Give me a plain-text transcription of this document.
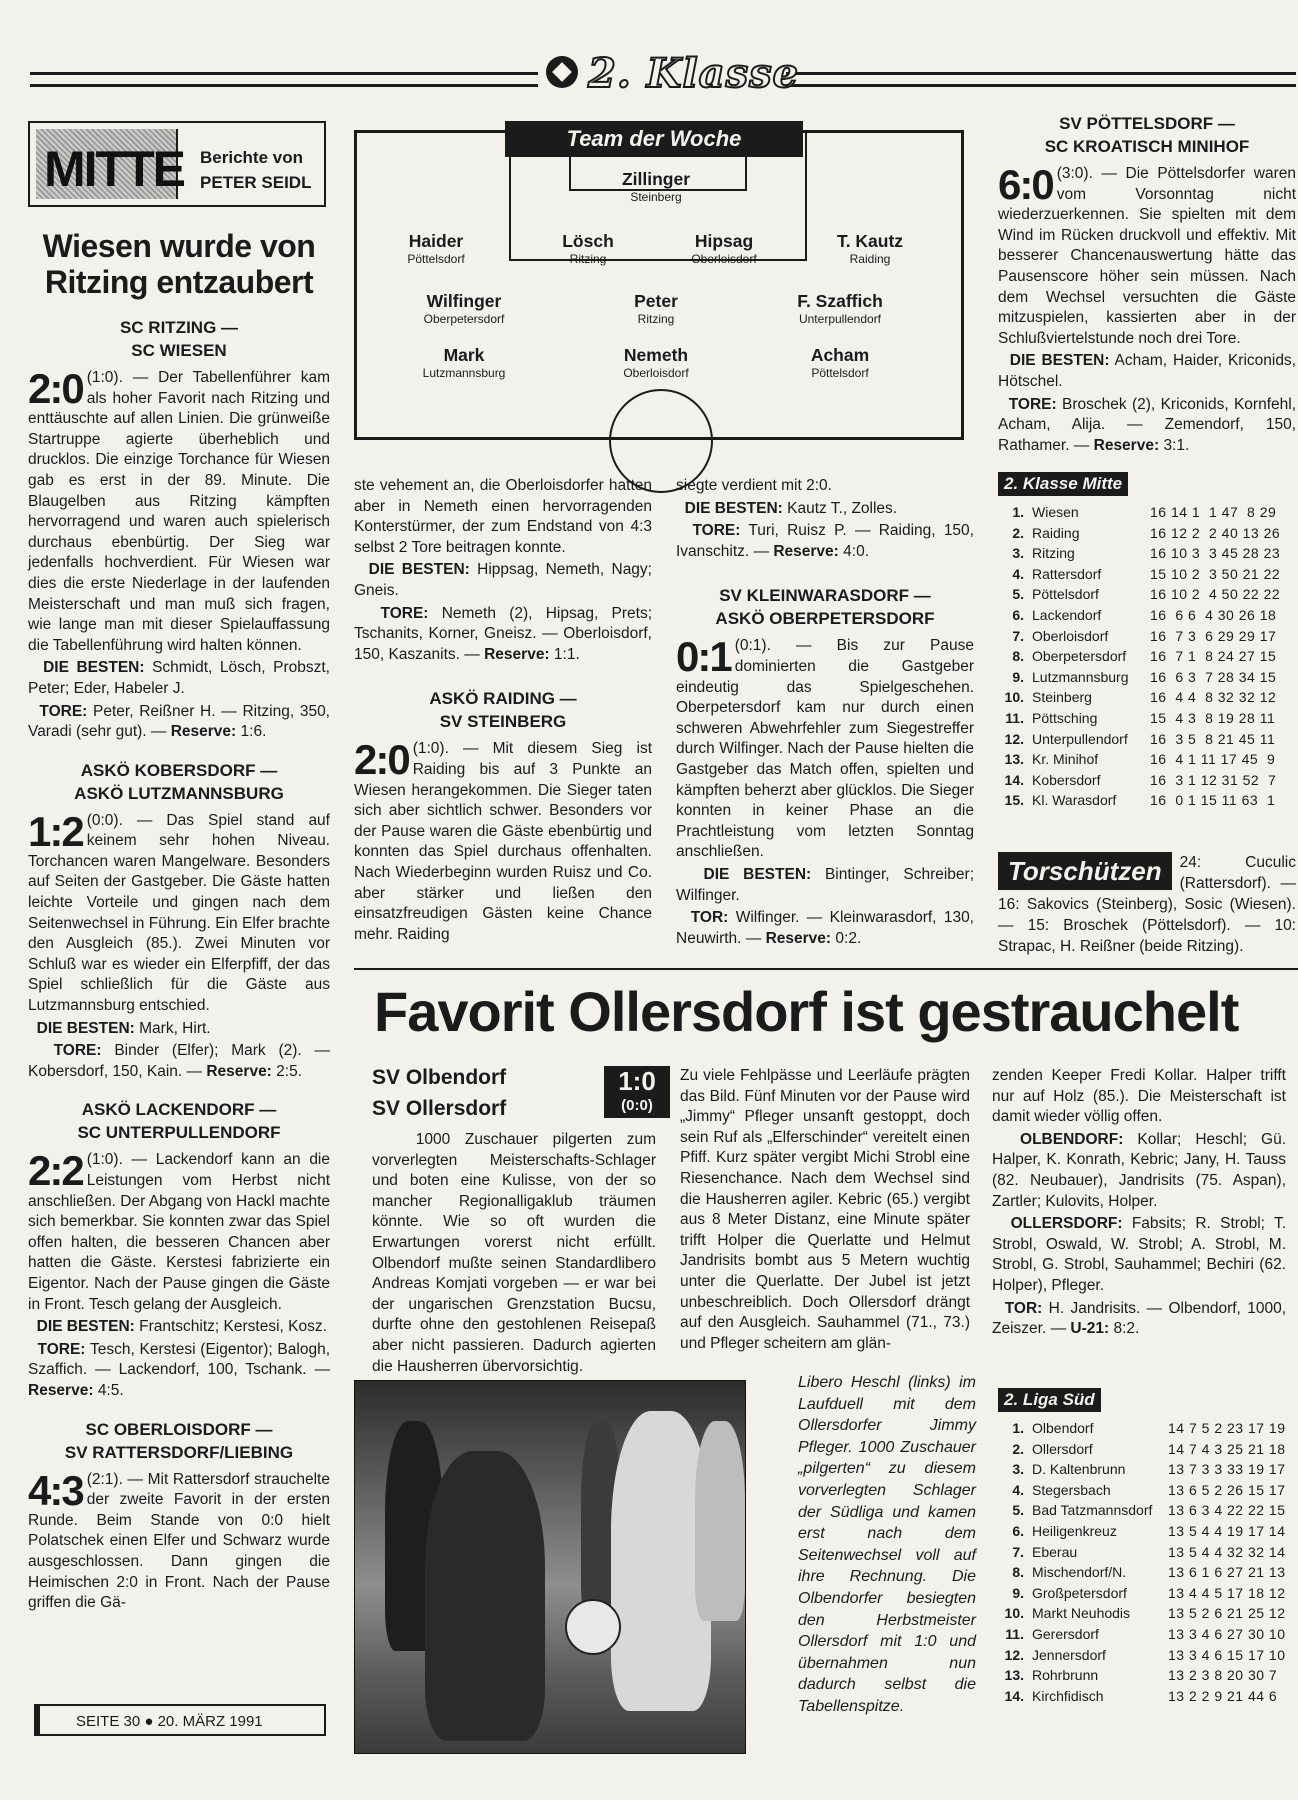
2. Klasse
MITTE Berichte von
PETER SEIDL
Wiesen wurde von Ritzing entzaubert
SC RITZING —
SC WIESEN

2:0 (1:0). — Der Tabellenführer kam als hoher Favorit nach Ritzing und enttäuschte auf allen Linien. Die grünweiße Startruppe agierte überheblich und drucklos. Die einzige Torchance für Wiesen gab es erst in der 89. Minute. Die Blaugelben aus Ritzing kämpften hervorragend und waren auch spielerisch durchaus ebenbürtig. Der Sieg war jedenfalls hochverdient. Für Wiesen war dies die erste Niederlage in der laufenden Meisterschaft und man muß sich fragen, wie lange man mit dieser Spielauffassung die Tabellenführung wird halten können.

DIE BESTEN: Schmidt, Lösch, Probszt, Peter; Eder, Habeler J.

TORE: Peter, Reißner H. — Ritzing, 350, Varadi (sehr gut). — Reserve: 1:6.

ASKÖ KOBERSDORF —
ASKÖ LUTZMANNSBURG

1:2 (0:0). — Das Spiel stand auf keinem sehr hohen Niveau. Torchancen waren Mangelware. Besonders auf Seiten der Gastgeber. Die Gäste hatten leichte Vorteile und gingen nach dem Seitenwechsel in Führung. Ein Elfer brachte den Ausgleich (85.). Zwei Minuten vor Schluß war es wieder ein Elferpfiff, der das Spiel schließlich für die Gäste aus Lutzmannsburg entschied.

DIE BESTEN: Mark, Hirt.

TORE: Binder (Elfer); Mark (2). — Kobersdorf, 150, Kain. — Reserve: 2:5.

ASKÖ LACKENDORF —
SC UNTERPULLENDORF

2:2 (1:0). — Lackendorf kann an die Leistungen vom Herbst nicht anschließen. Der Abgang von Hackl machte sich bemerkbar. Sie konnten zwar das Spiel offen halten, die besseren Chancen aber hatten die Gäste. Kerstesi fabrizierte ein Eigentor. Nach der Pause gingen die Gäste in Front. Tesch gelang der Ausgleich.

DIE BESTEN: Frantschitz; Kerstesi, Kosz.

TORE: Tesch, Kerstesi (Eigentor); Balogh, Szaffich. — Lackendorf, 100, Tschank. — Reserve: 4:5.

SC OBERLOISDORF —
SV RATTERSDORF/LIEBING

4:3 (2:1). — Mit Rattersdorf strauchelte der zweite Favorit in der ersten Runde. Beim Stande von 0:0 hielt Polatschek einen Elfer und Schwarz wurde ausgeschlossen. Dann gingen die Heimischen 2:0 in Front. Nach der Pause griffen die Gä-

Team der Woche
Zillinger
Steinberg
Haider
Pöttelsdorf
Lösch
Ritzing
Hipsag
Oberloisdorf
T. Kautz
Raiding
Wilfinger
Oberpetersdorf
Peter
Ritzing
F. Szaffich
Unterpullendorf
Mark
Lutzmannsburg
Nemeth
Oberloisdorf
Acham
Pöttelsdorf

ste vehement an, die Oberloisdorfer hatten aber in Nemeth einen hervorragenden Konterstürmer, der zum Endstand von 4:3 selbst 2 Tore beitragen konnte.

DIE BESTEN: Hippsag, Nemeth, Nagy; Gneis.

TORE: Nemeth (2), Hipsag, Prets; Tschanits, Korner, Gneisz. — Oberloisdorf, 150, Kaszanits. — Reserve: 1:1.

ASKÖ RAIDING —
SV STEINBERG

2:0 (1:0). — Mit diesem Sieg ist Raiding bis auf 3 Punkte an Wiesen herangekommen. Die Sieger taten sich aber sichtlich schwer. Besonders vor der Pause waren die Gäste ebenbürtig und konnten das Spiel durchaus offenhalten. Nach Wiederbeginn wurden Ruisz und Co. aber stärker und ließen den einsatzfreudigen Gästen keine Chance mehr. Raiding

siegte verdient mit 2:0.

DIE BESTEN: Kautz T., Zolles.

TORE: Turi, Ruisz P. — Raiding, 150, Ivanschitz. — Reserve: 4:0.

SV KLEINWARASDORF —
ASKÖ OBERPETERSDORF

0:1 (0:1). — Bis zur Pause dominierten die Gastgeber eindeutig das Spielgeschehen. Oberpetersdorf kam nur durch einen schweren Abwehrfehler zum Siegestreffer durch Wilfinger. Nach der Pause hielten die Gastgeber das Match offen, spielten und kämpften beherzt aber glücklos. Die Sieger konnten in keiner Phase an die Prachtleistung vom letzten Sonntag anschließen.

DIE BESTEN: Bintinger, Schreiber; Wilfinger.

TOR: Wilfinger. — Kleinwarasdorf, 130, Neuwirth. — Reserve: 0:2.

SV PÖTTELSDORF —
SC KROATISCH MINIHOF

6:0 (3:0). — Die Pöttelsdorfer waren vom Vorsonntag nicht wiederzuerkennen. Sie spielten mit dem Wind im Rücken druckvoll und effektiv. Mit besserer Chancenauswertung hätte das Pausenscore höher sein müssen. Nach dem Wechsel versuchten die Gäste mitzuspielen, kassierten aber in der Schlußviertelstunde noch drei Tore.

DIE BESTEN: Acham, Haider, Kriconids, Hötschel.

TORE: Broschek (2), Kriconids, Kornfehl, Acham, Alija. — Zemendorf, 150, Rathamer. — Reserve: 3:1.

2. Klasse Mitte
1. Wiesen	16 14 1  1 47  8 29
2. Raiding	16 12 2  2 40 13 26
3. Ritzing	16 10 3  3 45 28 23
4. Rattersdorf	15 10 2  3 50 21 22
5. Pöttelsdorf	16 10 2  4 50 22 22
6. Lackendorf	16  6 6  4 30 26 18
7. Oberloisdorf	16  7 3  6 29 29 17
8. Oberpetersdorf 16  7 1  8 24 27 15
9. Lutzmannsburg 16  6 3  7 28 34 15
10. Steinberg	16  4 4  8 32 32 12
11. Pöttsching	15  4 3  8 19 28 11
12. Unterpullendorf 16  3 5  8 21 45 11
13. Kr. Minihof	16  4 1 11 17 45  9
14. Kobersdorf	16  3 1 12 31 52  7
15. Kl. Warasdorf 16  0 1 15 11 63  1
Torschützen	24: Cuculic (Rattersdorf). — 16: Sakovics (Steinberg), Sosic (Wiesen). — 15: Broschek (Pöttelsdorf). — 10: Strapac, H. Reißner (beide Ritzing).
Favorit Ollersdorf ist gestrauchelt
SV Olbendorf
SV Ollersdorf
1:0
(0:0)

1000 Zuschauer pilgerten zum vorverlegten Meisterschafts-Schlager und boten eine Kulisse, von der so mancher Regionalligaklub träumen könnte. Wie so oft wurden die Erwartungen vorerst nicht erfüllt. Olbendorf mußte seinen Standardlibero Andreas Komjati vorgeben — er war bei der ungarischen Grenzstation Bucsu, durfte ohne den gestohlenen Reisepaß aber nicht passieren. Dadurch agierten die Hausherren übervorsichtig.

Zu viele Fehlpässe und Leerläufe prägten das Bild. Fünf Minuten vor der Pause wird „Jimmy“ Pfleger unsanft gestoppt, doch sein Ruf als „Elferschinder“ vereitelt einen Pfiff. Kurz später vergibt Michi Strobl eine Riesenchance. Nach dem Wechsel sind die Hausherren agiler. Kebric (65.) vergibt aus 8 Meter Distanz, eine Minute später trifft Holper die Querlatte und Helmut Jandrisits bombt aus 5 Metern wuchtig unter die Querlatte. Der Jubel ist jetzt unbeschreiblich. Doch Ollersdorf drängt auf den Ausgleich. Sauhammel (71., 73.) und Pfleger scheitern am glän-

zenden Keeper Fredi Kollar. Halper trifft nur auf Holz (85.). Die Meisterschaft ist damit wieder völlig offen.

OLBENDORF: Kollar; Heschl; Gü. Halper, K. Konrath, Kebric; Jany, H. Tauss (82. Neubauer), Jandrisits (75. Aspan), Zartler; Kulovits, Holper.

OLLERSDORF: Fabsits; R. Strobl; T. Strobl, Oswald, W. Strobl; A. Strobl, M. Strobl, G. Strobl, Sauhammel; Bechiri (62. Holper), Pfleger.

TOR: H. Jandrisits. — Olbendorf, 1000, Zeiszer. — U-21: 8:2.

Libero Heschl (links) im Laufduell mit dem Ollersdorfer Jimmy Pfleger. 1000 Zuschauer „pilgerten“ zu diesem vorverlegten Schlager der Südliga und kamen erst nach dem Seitenwechsel voll auf ihre Rechnung. Die Olbendorfer besiegten den Herbstmeister Ollersdorf mit 1:0 und übernahmen nun dadurch selbst die Tabellenspitze.
2. Liga Süd
1. Olbendorf	14 7 5 2 23 17 19
2. Ollersdorf	14 7 4 3 25 21 18
3. D. Kaltenbrunn	13 7 3 3 33 19 17
4. Stegersbach	13 6 5 2 26 15 17
5. Bad Tatzmannsdorf 13 6 3 4 22 22 15
6. Heiligenkreuz	13 5 4 4 19 17 14
7. Eberau	13 5 4 4 32 32 14
8. Mischendorf/N.	13 6 1 6 27 21 13
9. Großpetersdorf	13 4 4 5 17 18 12
10. Markt Neuhodis	13 5 2 6 21 25 12
11. Gerersdorf	13 3 4 6 27 30 10
12. Jennersdorf	13 3 4 6 15 17 10
13. Rohrbrunn	13 2 3 8 20 30 7
14. Kirchfidisch	13 2 2 9 21 44 6
SEITE 30 ● 20. MÄRZ 1991
